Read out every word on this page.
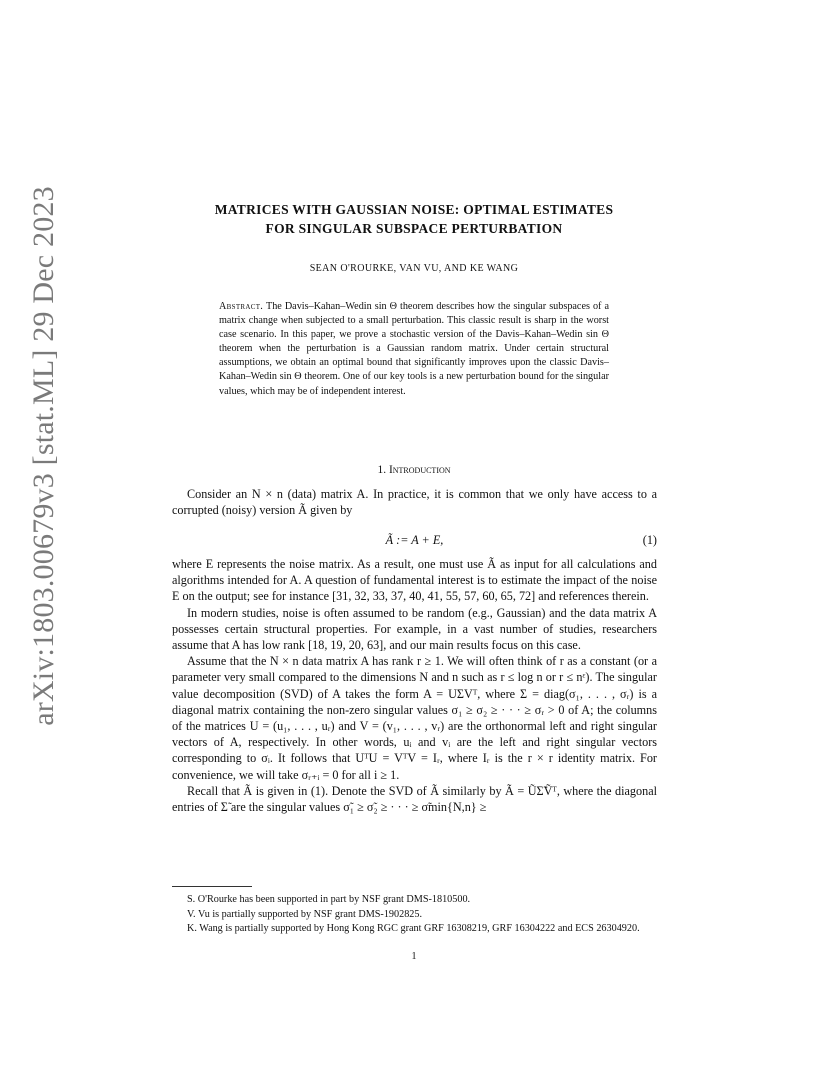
arXiv:1803.00679v3 [stat.ML] 29 Dec 2023	MATRICES WITH GAUSSIAN NOISE: OPTIMAL ESTIMATES
FOR SINGULAR SUBSPACE PERTURBATION
SEAN O'ROURKE, VAN VU, AND KE WANG
Abstract. The Davis–Kahan–Wedin sin Θ theorem describes how the singular subspaces of a matrix change when subjected to a small perturbation. This classic result is sharp in the worst case scenario. In this paper, we prove a stochastic version of the Davis–Kahan–Wedin sin Θ theorem when the perturbation is a Gaussian random matrix. Under certain structural assumptions, we obtain an optimal bound that significantly improves upon the classic Davis–Kahan–Wedin sin Θ theorem. One of our key tools is a new perturbation bound for the singular values, which may be of independent interest.
1. Introduction

Consider an N × n (data) matrix A. In practice, it is common that we only have access to a corrupted (noisy) version Ã given by

Ã := A + E,	(1)

where E represents the noise matrix. As a result, one must use Ã as input for all calculations and algorithms intended for A. A question of fundamental interest is to estimate the impact of the noise E on the output; see for instance [31, 32, 33, 37, 40, 41, 55, 57, 60, 65, 72] and references therein.

In modern studies, noise is often assumed to be random (e.g., Gaussian) and the data matrix A possesses certain structural properties. For example, in a vast number of studies, researchers assume that A has low rank [18, 19, 20, 63], and our main results focus on this case.

Assume that the N × n data matrix A has rank r ≥ 1. We will often think of r as a constant (or a parameter very small compared to the dimensions N and n such as r ≤ log n or r ≤ nᵋ). The singular value decomposition (SVD) of A takes the form A = UΣVᵀ, where Σ = diag(σ₁, . . . , σᵣ) is a diagonal matrix containing the non-zero singular values σ₁ ≥ σ₂ ≥ · · · ≥ σᵣ > 0 of A; the columns of the matrices U = (u₁, . . . , uᵣ) and V = (v₁, . . . , vᵣ) are the orthonormal left and right singular vectors of A, respectively. In other words, uᵢ and vᵢ are the left and right singular vectors corresponding to σᵢ. It follows that UᵀU = VᵀV = Iᵣ, where Iᵣ is the r × r identity matrix. For convenience, we will take σᵣ₊ᵢ = 0 for all i ≥ 1.

Recall that Ã is given in (1). Denote the SVD of Ã similarly by Ã = ŨΣ̃Ṽᵀ, where the diagonal entries of Σ̃ are the singular values σ̃₁ ≥ σ̃₂ ≥ · · · ≥ σ̃min{N,n} ≥

S. O'Rourke has been supported in part by NSF grant DMS-1810500.
V. Vu is partially supported by NSF grant DMS-1902825.
K. Wang is partially supported by Hong Kong RGC grant GRF 16308219, GRF 16304222 and ECS 26304920.
1
